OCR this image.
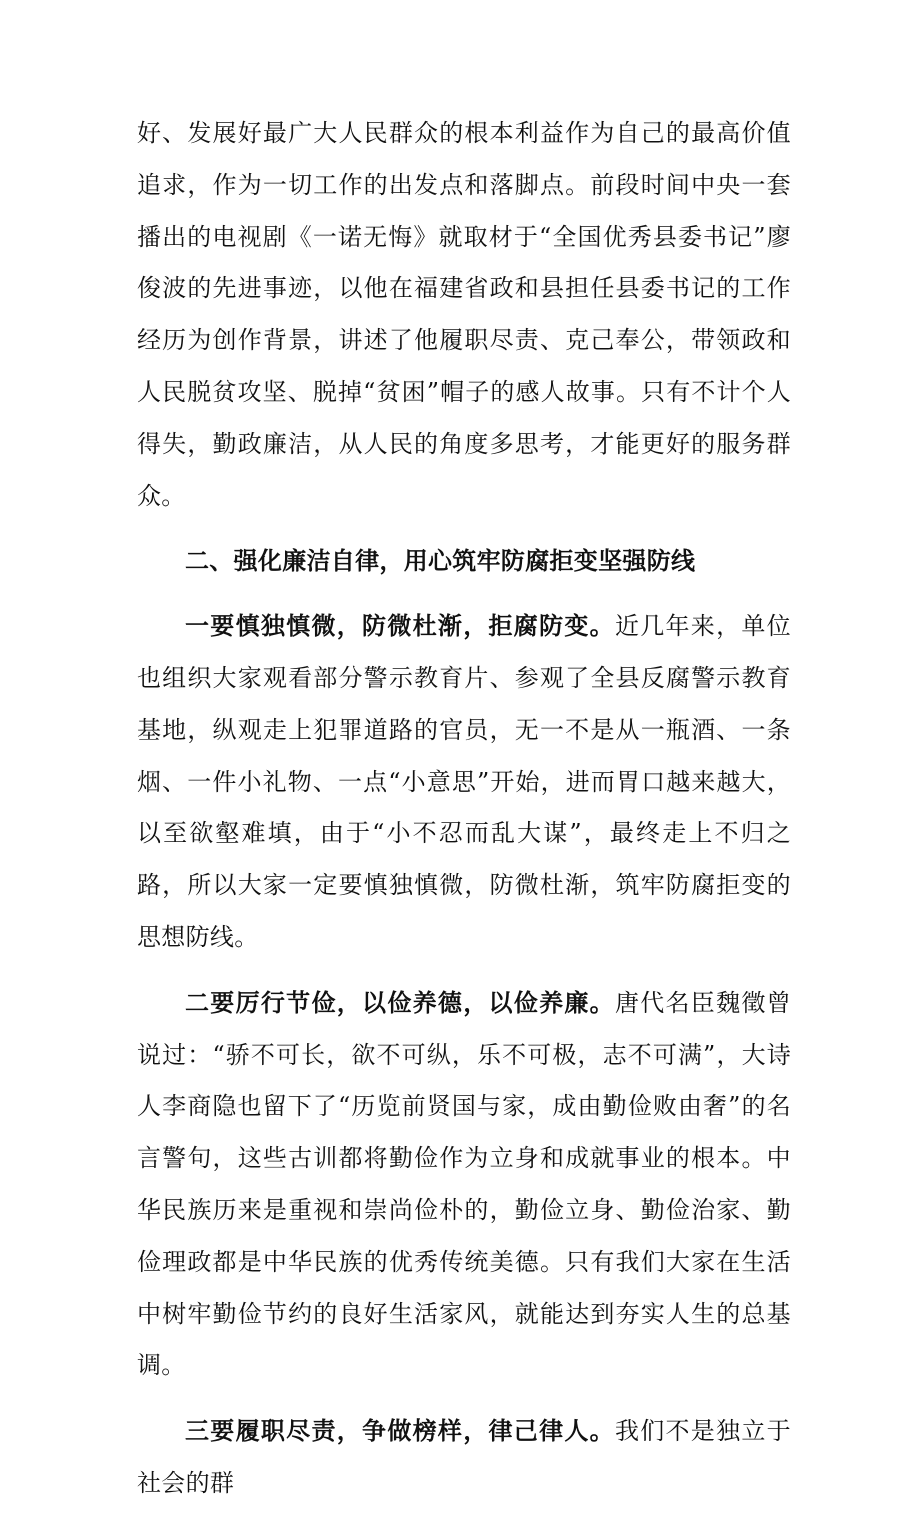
好、发展好最广大人民群众的根本利益作为自己的最高价值追求，作为一切工作的出发点和落脚点。前段时间中央一套播出的电视剧《一诺无悔》就取材于“全国优秀县委书记”廖俊波的先进事迹，以他在福建省政和县担任县委书记的工作经历为创作背景，讲述了他履职尽责、克己奉公，带领政和人民脱贫攻坚、脱掉“贫困”帽子的感人故事。只有不计个人得失，勤政廉洁，从人民的角度多思考，才能更好的服务群众。

二、强化廉洁自律，用心筑牢防腐拒变坚强防线

一要慎独慎微，防微杜渐，拒腐防变。近几年来，单位也组织大家观看部分警示教育片、参观了全县反腐警示教育基地，纵观走上犯罪道路的官员，无一不是从一瓶酒、一条烟、一件小礼物、一点“小意思”开始，进而胃口越来越大，以至欲壑难填，由于“小不忍而乱大谋”，最终走上不归之路，所以大家一定要慎独慎微，防微杜渐，筑牢防腐拒变的思想防线。

二要厉行节俭，以俭养德，以俭养廉。唐代名臣魏徵曾说过：“骄不可长，欲不可纵，乐不可极，志不可满”，大诗人李商隐也留下了“历览前贤国与家，成由勤俭败由奢”的名言警句，这些古训都将勤俭作为立身和成就事业的根本。中华民族历来是重视和崇尚俭朴的，勤俭立身、勤俭治家、勤俭理政都是中华民族的优秀传统美德。只有我们大家在生活中树牢勤俭节约的良好生活家风，就能达到夯实人生的总基调。

三要履职尽责，争做榜样，律己律人。我们不是独立于社会的群
